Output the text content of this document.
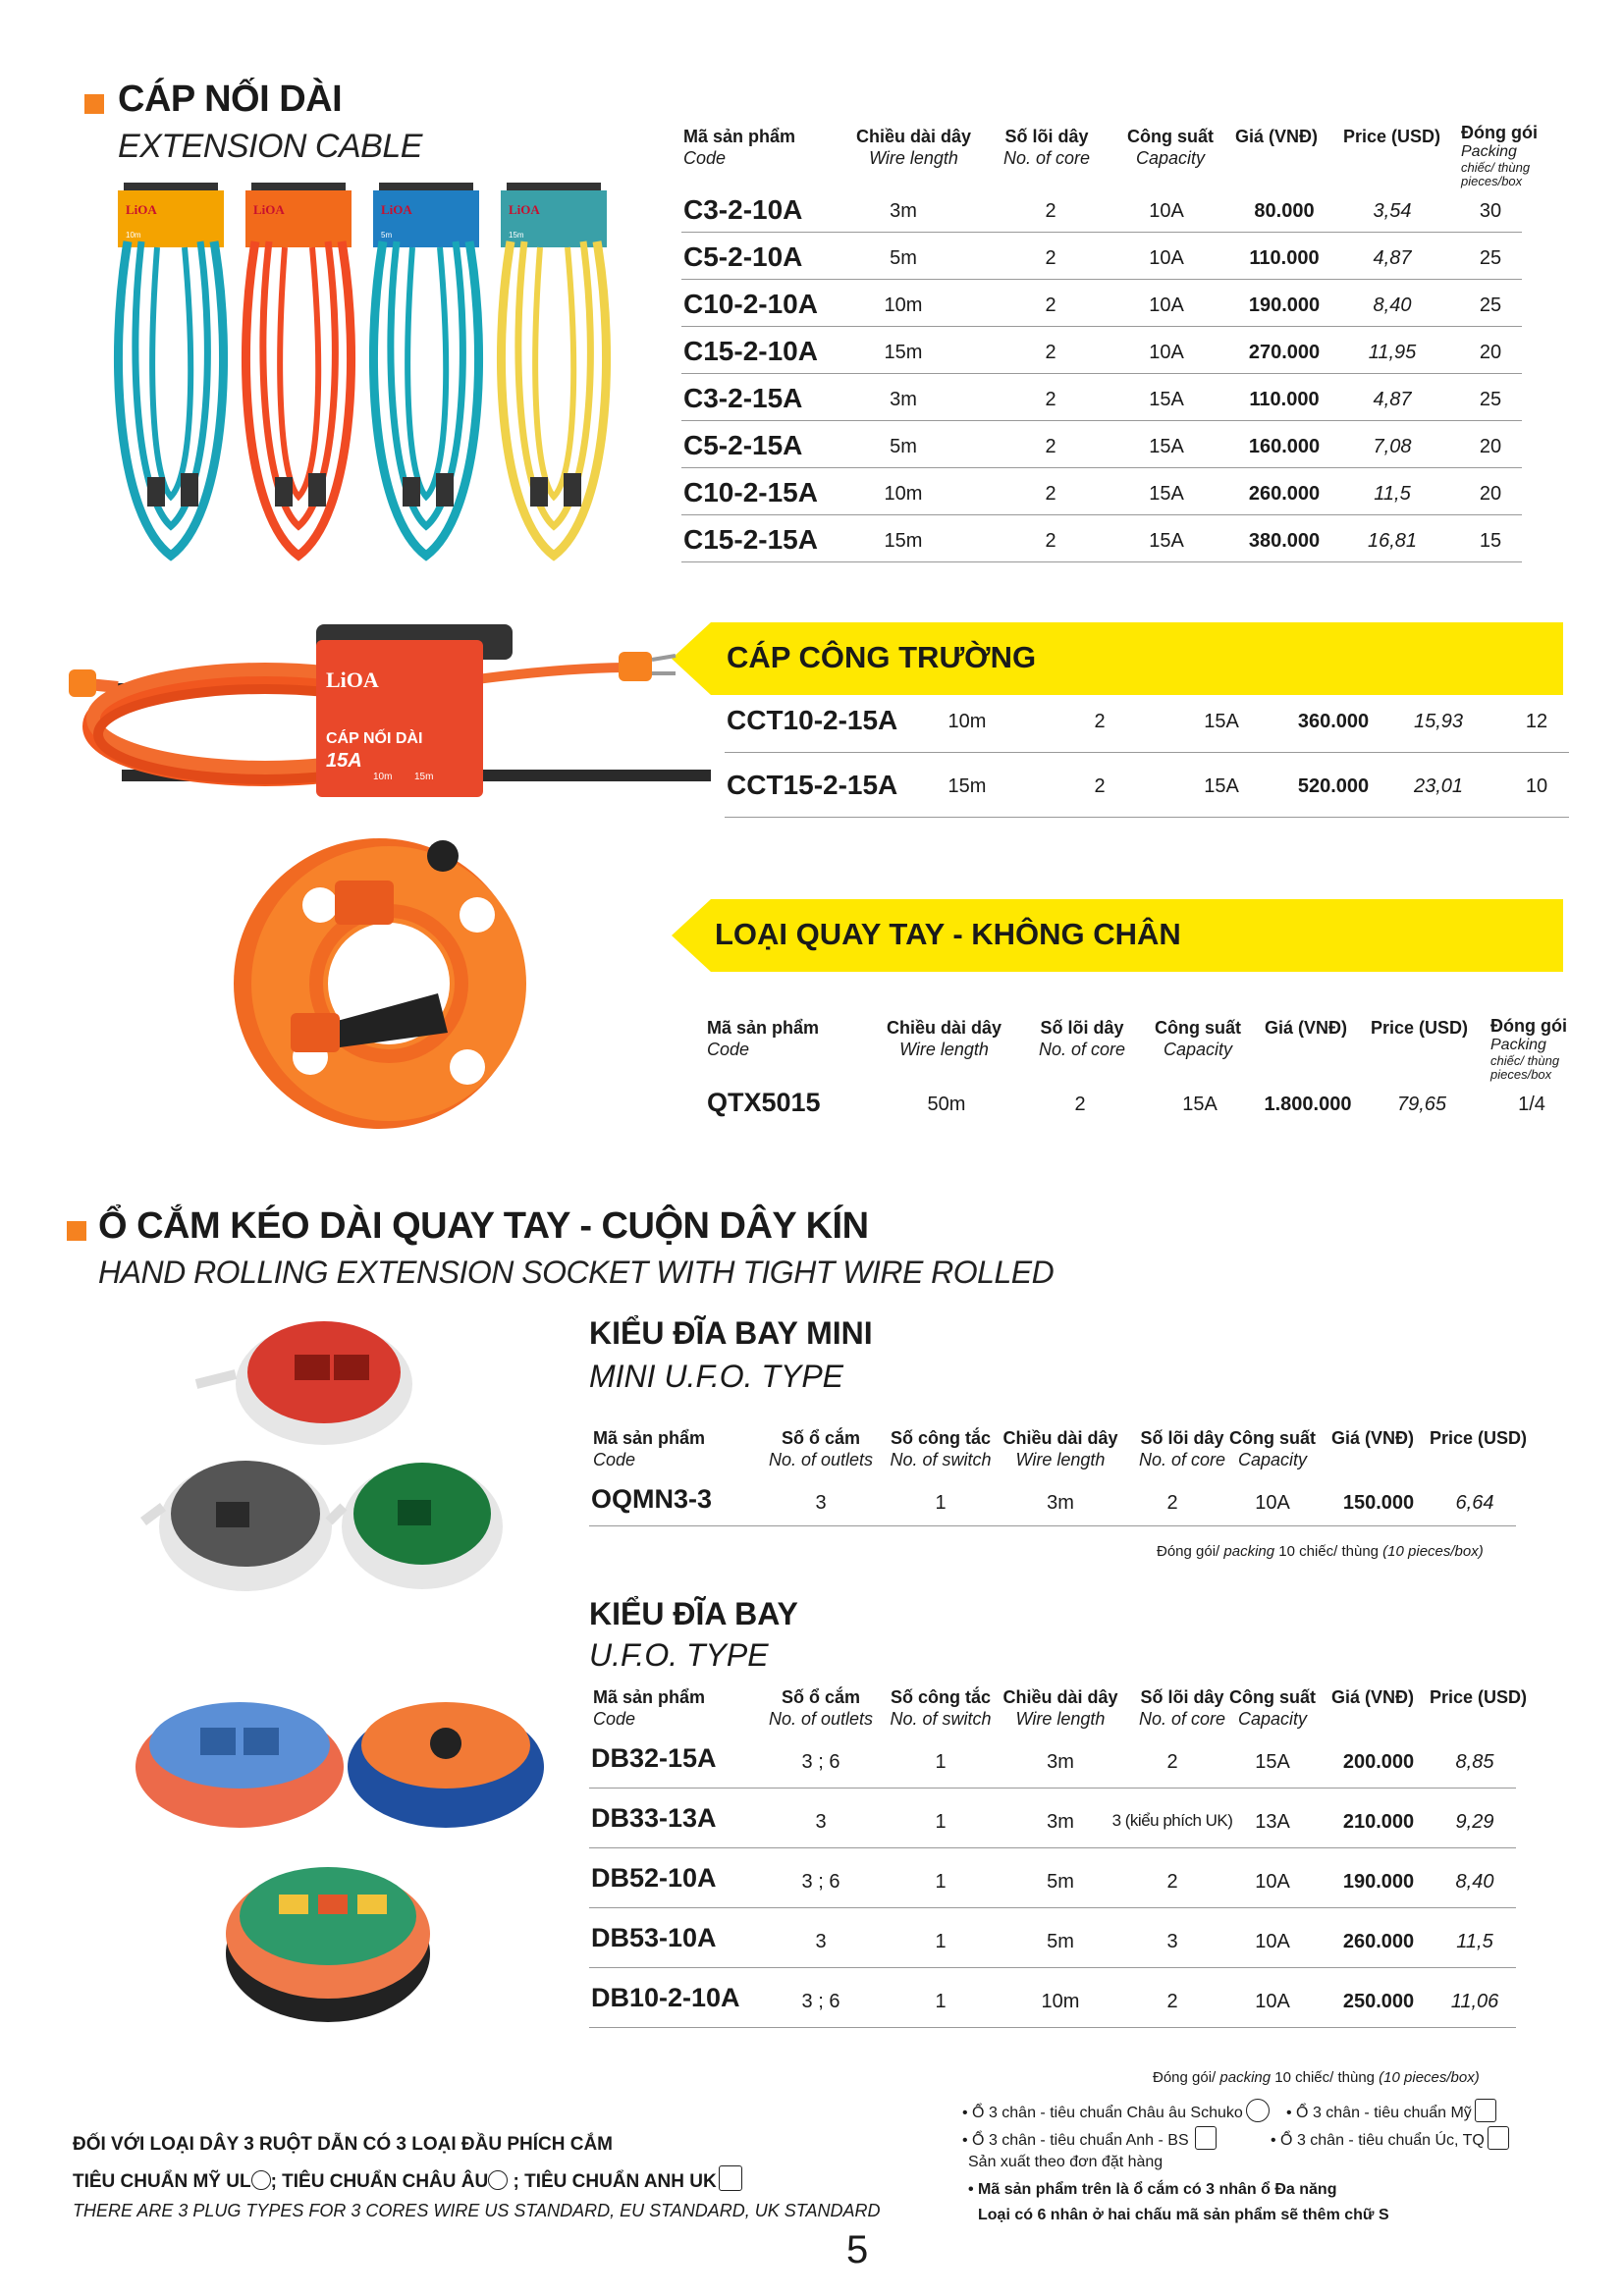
CÁP NỐI DÀI
EXTENSION CABLE
LiOA
10m
LiOA	LiOA
5m
LiOA
15m
Mã sản phẩm
Code
Chiều dài dây
Wire length
Số lõi dây
No. of core
Công suất
Capacity
Giá (VNĐ) Price (USD) Đóng gói
Packing
chiếc/ thùng
pieces/box
C3-2-10A	3m	2	10A	80.000	3,54	30
C5-2-10A	5m	2	10A	110.000	4,87	25
C10-2-10A	10m	2	10A	190.000	8,40	25
C15-2-10A	15m	2	10A	270.000	11,95	20
C3-2-15A	3m	2	15A	110.000	4,87	25
C5-2-15A	5m	2	15A	160.000	7,08	20
C10-2-15A	10m	2	15A	260.000	11,5	20
C15-2-15A	15m	2	15A	380.000	16,81	15
CÁP CÔNG TRƯỜNG
LiOA
CÁP NỐI DÀI
15A
10m 15m
CCT10-2-15A	10m	2	15A	360.000	15,93	12
CCT15-2-15A	15m	2	15A	520.000	23,01	10
LOẠI QUAY TAY - KHÔNG CHÂN
Mã sản phẩm
Code
Chiều dài dây
Wire length
Số lõi dây
No. of core
Công suất
Capacity
Giá (VNĐ) Price (USD) Đóng gói
Packing
chiếc/ thùng
pieces/box
QTX5015	50m	2	15A	1.800.000	79,65	1/4
Ổ CẮM KÉO DÀI QUAY TAY - CUỘN DÂY KÍN
HAND ROLLING EXTENSION SOCKET WITH TIGHT WIRE ROLLED
KIỂU ĐĨA BAY MINI
MINI U.F.O. TYPE
Mã sản phẩm
Code
Số ổ cắm
No. of outlets
Số công tắc
No. of switch
Chiều dài dây
Wire length
Số lõi dây
No. of core
Công suất
Capacity
Giá (VNĐ) Price (USD)
OQMN3-3	3	1	3m	2	10A	150.000	6,64
Đóng gói/ packing 10 chiếc/ thùng (10 pieces/box)
KIỂU ĐĨA BAY
U.F.O. TYPE
Mã sản phẩm
Code
Số ổ cắm
No. of outlets
Số công tắc
No. of switch
Chiều dài dây
Wire length
Số lõi dây
No. of core
Công suất
Capacity
Giá (VNĐ) Price (USD)
DB32-15A	3 ; 6	1	3m	2	15A	200.000	8,85
DB33-13A	3	1	3m	3 (kiểu phích UK)	13A	210.000	9,29
DB52-10A	3 ; 6	1	5m	2	10A	190.000	8,40
DB53-10A	3	1	5m	3	10A	260.000	11,5
DB10-2-10A	3 ; 6	1	10m	2	10A	250.000	11,06
Đóng gói/ packing 10 chiếc/ thùng (10 pieces/box)
ĐỐI VỚI LOẠI DÂY 3 RUỘT DẪN CÓ 3 LOẠI ĐẦU PHÍCH CẮM
TIÊU CHUẨN MỸ UL ; TIÊU CHUẨN CHÂU ÂU ; TIÊU CHUẨN ANH UK
THERE ARE 3 PLUG TYPES FOR 3 CORES WIRE US STANDARD, EU STANDARD, UK STANDARD
• Ổ 3 chân - tiêu chuẩn Châu âu Schuko	• Ổ 3 chân - tiêu chuẩn Mỹ
• Ổ 3 chân - tiêu chuẩn Anh - BS	• Ổ 3 chân - tiêu chuẩn Úc, TQ
Sản xuất theo đơn đặt hàng
• Mã sản phẩm trên là ổ cắm có 3 nhân ổ Đa năng
Loại có 6 nhân ở hai chấu mã sản phẩm sẽ thêm chữ S
5
